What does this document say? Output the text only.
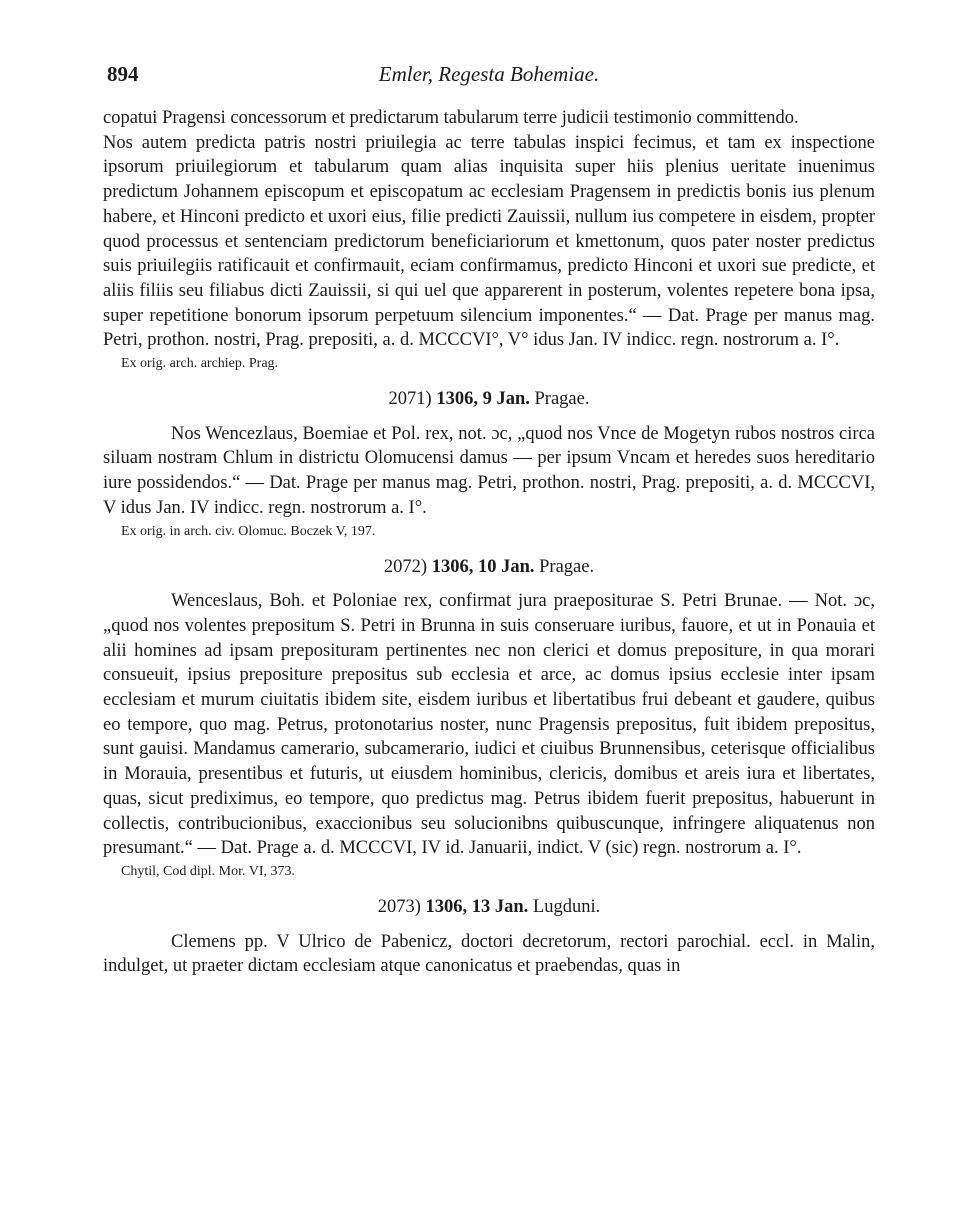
894	Emler, Regesta Bohemiae.

copatui Pragensi concessorum et predictarum tabularum terre judicii testimonio committendo.

Nos autem predicta patris nostri priuilegia ac terre tabulas inspici fecimus, et tam ex inspectione ipsorum priuilegiorum et tabularum quam alias inquisita super hiis plenius ueritate inuenimus predictum Johannem episcopum et episcopatum ac ecclesiam Pragensem in predictis bonis ius plenum habere, et Hinconi predicto et uxori eius, filie predicti Zauissii, nullum ius competere in eisdem, propter quod processus et sentenciam predictorum beneficiariorum et kmettonum, quos pater noster predictus suis priuilegiis ratificauit et confirmauit, eciam confirmamus, predicto Hinconi et uxori sue predicte, et aliis filiis seu filiabus dicti Zauissii, si qui uel que apparerent in posterum, volentes repetere bona ipsa, super repetitione bonorum ipsorum perpetuum silencium imponentes.“ — Dat. Prage per manus mag. Petri, prothon. nostri, Prag. prepositi, a. d. MCCCVI°, V° idus Jan. IV indicc. regn. nostrorum a. I°.

Ex orig. arch. archiep. Prag.

2071) 1306, 9 Jan. Pragae.

Nos Wencezlaus, Boemiae et Pol. rex, not. ɔc, „quod nos Vnce de Mogetyn rubos nostros circa siluam nostram Chlum in districtu Olomucensi damus — per ipsum Vncam et heredes suos hereditario iure possidendos.“ — Dat. Prage per manus mag. Petri, prothon. nostri, Prag. prepositi, a. d. MCCCVI, V idus Jan. IV indicc. regn. nostrorum a. I°.

Ex orig. in arch. civ. Olomuc. Boczek V, 197.

2072) 1306, 10 Jan. Pragae.

Wenceslaus, Boh. et Poloniae rex, confirmat jura praepositurae S. Petri Brunae. — Not. ɔc, „quod nos volentes prepositum S. Petri in Brunna in suis conseruare iuribus, fauore, et ut in Ponauia et alii homines ad ipsam preposituram pertinentes nec non clerici et domus prepositure, in qua morari consueuit, ipsius prepositure prepositus sub ecclesia et arce, ac domus ipsius ecclesie inter ipsam ecclesiam et murum ciuitatis ibidem site, eisdem iuribus et libertatibus frui debeant et gaudere, quibus eo tempore, quo mag. Petrus, protonotarius noster, nunc Pragensis prepositus, fuit ibidem prepositus, sunt gauisi. Mandamus camerario, subcamerario, iudici et ciuibus Brunnensibus, ceterisque officialibus in Morauia, presentibus et futuris, ut eiusdem hominibus, clericis, domibus et areis iura et libertates, quas, sicut prediximus, eo tempore, quo predictus mag. Petrus ibidem fuerit prepositus, habuerunt in collectis, contribucionibus, exaccionibus seu solucionibns quibuscunque, infringere aliquatenus non presumant.“ — Dat. Prage a. d. MCCCVI, IV id. Januarii, indict. V (sic) regn. nostrorum a. I°.

Chytil, Cod dipl. Mor. VI, 373.

2073) 1306, 13 Jan. Lugduni.

Clemens pp. V Ulrico de Pabenicz, doctori decretorum, rectori parochial. eccl. in Malin, indulget, ut praeter dictam ecclesiam atque canonicatus et praebendas, quas in
